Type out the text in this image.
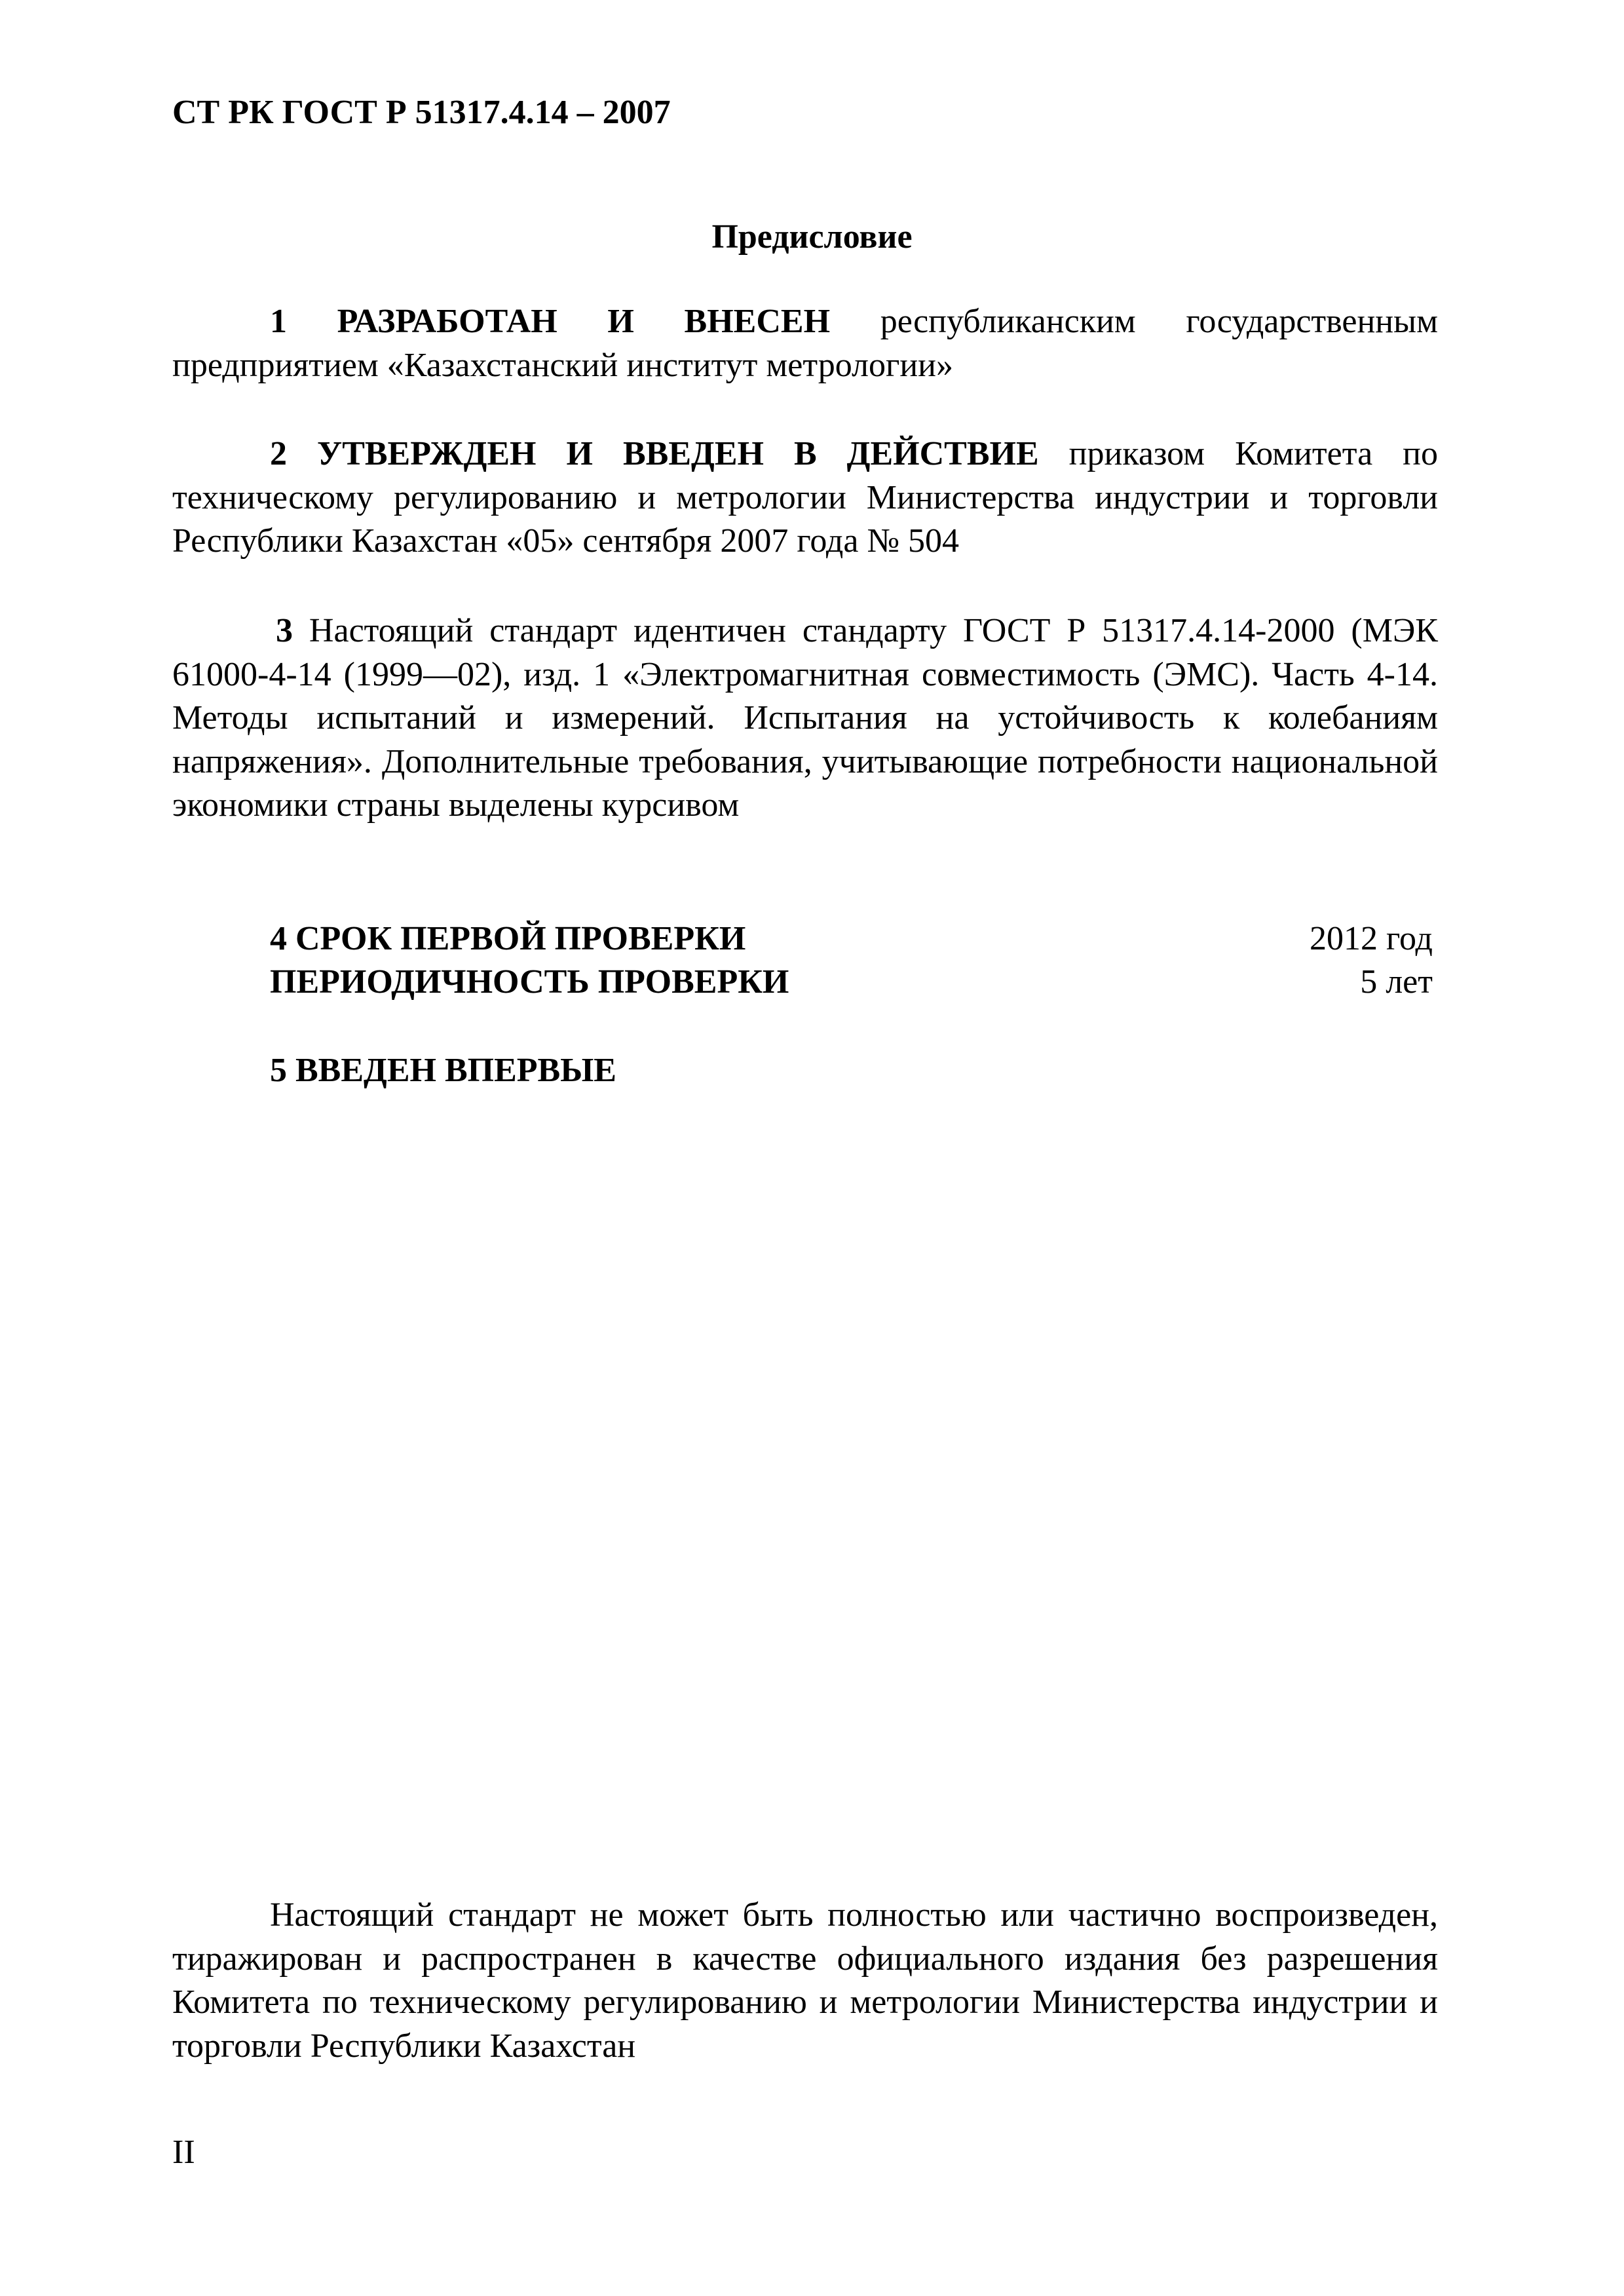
СТ РК ГОСТ Р 51317.4.14 – 2007
Предисловие

1 РАЗРАБОТАН И ВНЕСЕН республиканским государственным предприятием «Казахстанский институт метрологии»

2 УТВЕРЖДЕН И ВВЕДЕН В ДЕЙСТВИЕ приказом Комитета по техническому регулированию и метрологии Министерства индустрии и торговли Республики Казахстан «05» сентября 2007 года № 504

3 Настоящий стандарт идентичен стандарту ГОСТ Р 51317.4.14-2000 (МЭК 61000-4-14 (1999—02), изд. 1 «Электромагнитная совместимость (ЭМС). Часть 4-14. Методы испытаний и измерений. Испытания на устойчивость к колебаниям напряжения». Дополнительные требования, учитывающие потребности национальной экономики страны выделены курсивом

4 СРОК ПЕРВОЙ ПРОВЕРКИ	2012 год
ПЕРИОДИЧНОСТЬ ПРОВЕРКИ	5 лет
5 ВВЕДЕН ВПЕРВЫЕ

Настоящий стандарт не может быть полностью или частично воспроизведен, тиражирован и распространен в качестве официального издания без разрешения Комитета по техническому регулированию и метрологии Министерства индустрии и торговли Республики Казахстан

II
